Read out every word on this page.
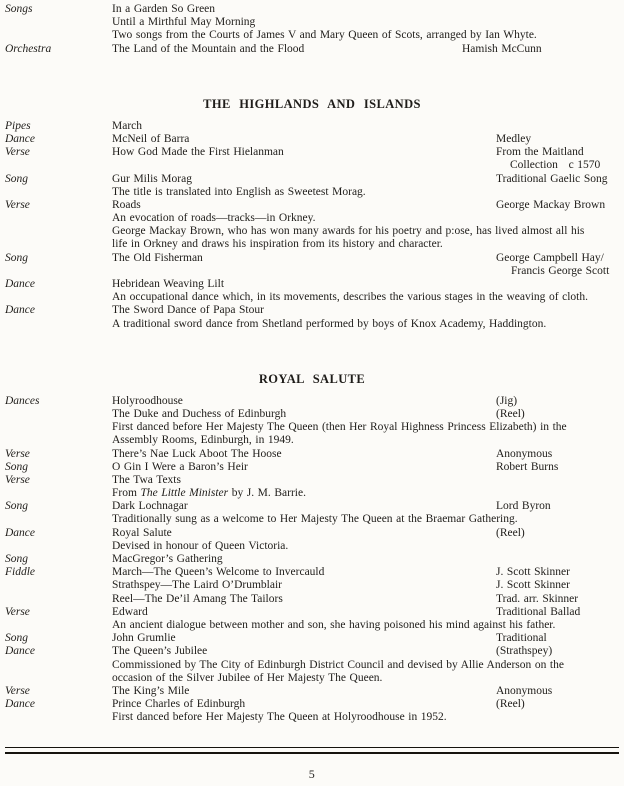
Songs	In a Garden So Green
Until a Mirthful May Morning
Two songs from the Courts of James V and Mary Queen of Scots, arranged by Ian Whyte.
Orchestra	The Land of the Mountain and the Flood	Hamish McCunn
THE HIGHLANDS AND ISLANDS
Pipes	March
Dance	McNeil of Barra	Medley
Verse	How God Made the First Hielanman	From the Maitland
Collection   c 1570
Song	Gur Milis Morag	Traditional Gaelic Song
The title is translated into English as Sweetest Morag.
Verse	Roads	George Mackay Brown
An evocation of roads—tracks—in Orkney.
George Mackay Brown, who has won many awards for his poetry and p:ose, has lived almost all his
life in Orkney and draws his inspiration from its history and character.
Song	The Old Fisherman	George Campbell Hay/
Francis George Scott
Dance	Hebridean Weaving Lilt
An occupational dance which, in its movements, describes the various stages in the weaving of cloth.
Dance	The Sword Dance of Papa Stour
A traditional sword dance from Shetland performed by boys of Knox Academy, Haddington.
ROYAL SALUTE
Dances	Holyroodhouse	(Jig)
The Duke and Duchess of Edinburgh	(Reel)
First danced before Her Majesty The Queen (then Her Royal Highness Princess Elizabeth) in the
Assembly Rooms, Edinburgh, in 1949.
Verse	There’s Nae Luck Aboot The Hoose	Anonymous
Song	O Gin I Were a Baron’s Heir	Robert Burns
Verse	The Twa Texts
From The Little Minister by J. M. Barrie.
Song	Dark Lochnagar	Lord Byron
Traditionally sung as a welcome to Her Majesty The Queen at the Braemar Gathering.
Dance	Royal Salute	(Reel)
Devised in honour of Queen Victoria.
Song	MacGregor’s Gathering
Fiddle	March—The Queen’s Welcome to Invercauld	J. Scott Skinner
Strathspey—The Laird O’Drumblair	J. Scott Skinner
Reel—The De’il Amang The Tailors	Trad. arr. Skinner
Verse	Edward	Traditional Ballad
An ancient dialogue between mother and son, she having poisoned his mind against his father.
Song	John Grumlie	Traditional
Dance	The Queen’s Jubilee	(Strathspey)
Commissioned by The City of Edinburgh District Council and devised by Allie Anderson on the
occasion of the Silver Jubilee of Her Majesty The Queen.
Verse	The King’s Mile	Anonymous
Dance	Prince Charles of Edinburgh	(Reel)
First danced before Her Majesty The Queen at Holyroodhouse in 1952.
5
